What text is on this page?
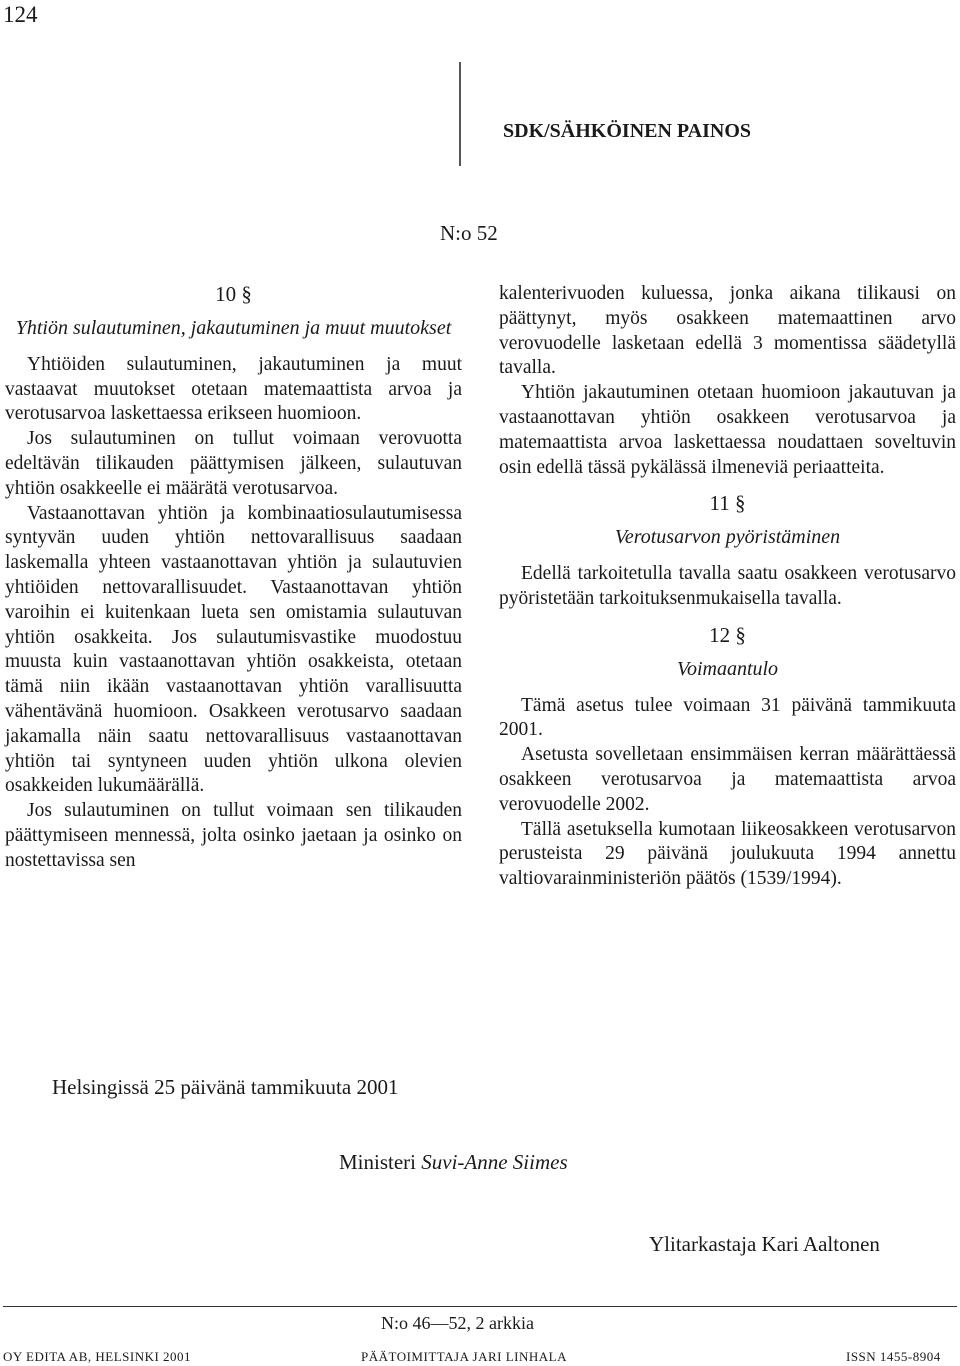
124
SDK/SÄHKÖINEN PAINOS
N:o 52
10 §
Yhtiön sulautuminen, jakautuminen ja muut muutokset

Yhtiöiden sulautuminen, jakautuminen ja muut vastaavat muutokset otetaan matemaattista arvoa ja verotusarvoa laskettaessa erikseen huomioon.

Jos sulautuminen on tullut voimaan verovuotta edeltävän tilikauden päättymisen jälkeen, sulautuvan yhtiön osakkeelle ei määrätä verotusarvoa.

Vastaanottavan yhtiön ja kombinaatiosulautumisessa syntyvän uuden yhtiön nettovarallisuus saadaan laskemalla yhteen vastaanottavan yhtiön ja sulautuvien yhtiöiden nettovarallisuudet. Vastaanottavan yhtiön varoihin ei kuitenkaan lueta sen omistamia sulautuvan yhtiön osakkeita. Jos sulautumisvastike muodostuu muusta kuin vastaanottavan yhtiön osakkeista, otetaan tämä niin ikään vastaanottavan yhtiön varallisuutta vähentävänä huomioon. Osakkeen verotusarvo saadaan jakamalla näin saatu nettovarallisuus vastaanottavan yhtiön tai syntyneen uuden yhtiön ulkona olevien osakkeiden lukumäärällä.

Jos sulautuminen on tullut voimaan sen tilikauden päättymiseen mennessä, jolta osinko jaetaan ja osinko on nostettavissa sen

kalenterivuoden kuluessa, jonka aikana tilikausi on päättynyt, myös osakkeen matemaattinen arvo verovuodelle lasketaan edellä 3 momentissa säädetyllä tavalla.

Yhtiön jakautuminen otetaan huomioon jakautuvan ja vastaanottavan yhtiön osakkeen verotusarvoa ja matemaattista arvoa laskettaessa noudattaen soveltuvin osin edellä tässä pykälässä ilmeneviä periaatteita.

11 §
Verotusarvon pyöristäminen

Edellä tarkoitetulla tavalla saatu osakkeen verotusarvo pyöristetään tarkoituksenmukaisella tavalla.

12 §
Voimaantulo

Tämä asetus tulee voimaan 31 päivänä tammikuuta 2001.

Asetusta sovelletaan ensimmäisen kerran määrättäessä osakkeen verotusarvoa ja matemaattista arvoa verovuodelle 2002.

Tällä asetuksella kumotaan liikeosakkeen verotusarvon perusteista 29 päivänä joulukuuta 1994 annettu valtiovarainministeriön päätös (1539/1994).

Helsingissä 25 päivänä tammikuuta 2001
Ministeri Suvi-Anne Siimes
Ylitarkastaja Kari Aaltonen
N:o 46—52, 2 arkkia
OY EDITA AB, HELSINKI 2001	PÄÄTOIMITTAJA JARI LINHALA	ISSN 1455-8904
